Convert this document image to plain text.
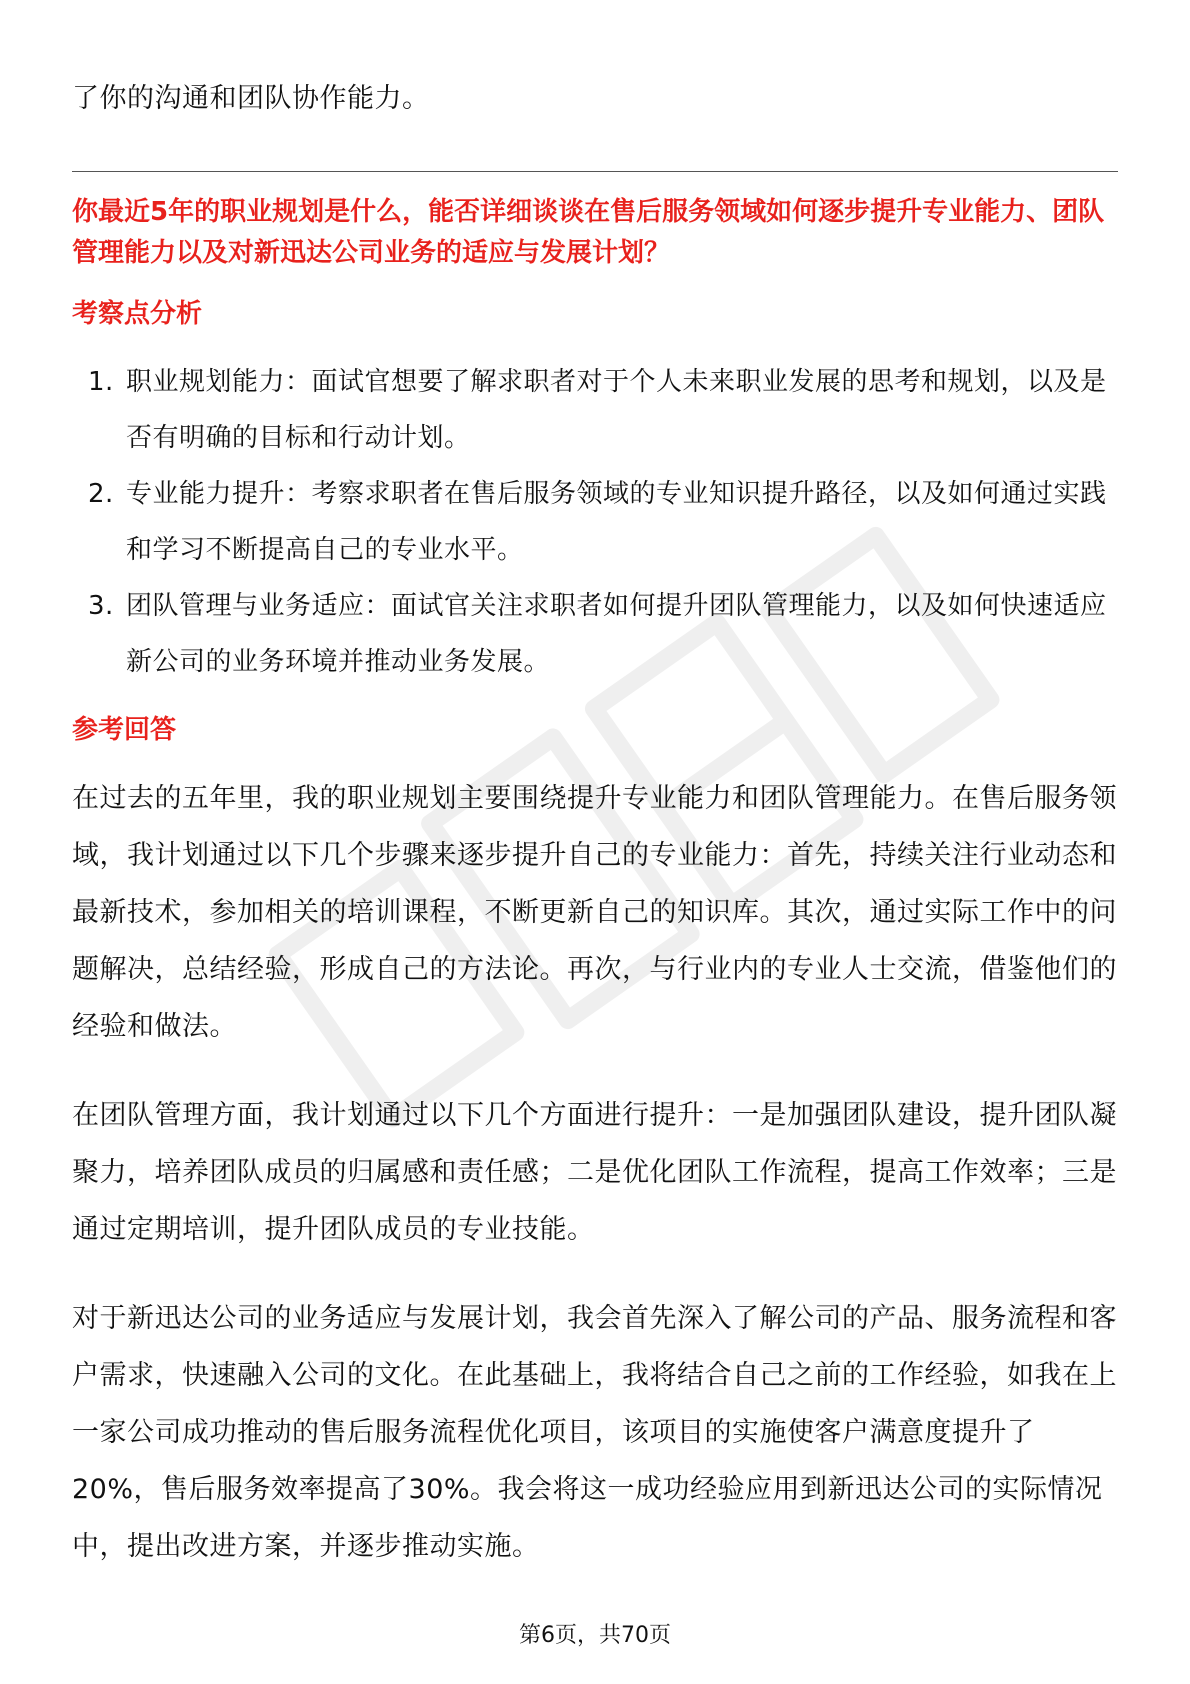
了你的沟通和团队协作能力。

你最近5年的职业规划是什么，能否详细谈谈在售后服务领域如何逐步提升专业能力、团队管理能力以及对新迅达公司业务的适应与发展计划？

考察点分析
1. 职业规划能力：面试官想要了解求职者对于个人未来职业发展的思考和规划，以及是否有明确的目标和行动计划。
2. 专业能力提升：考察求职者在售后服务领域的专业知识提升路径，以及如何通过实践和学习不断提高自己的专业水平。
3. 团队管理与业务适应：面试官关注求职者如何提升团队管理能力，以及如何快速适应新公司的业务环境并推动业务发展。
参考回答

在过去的五年里，我的职业规划主要围绕提升专业能力和团队管理能力。在售后服务领域，我计划通过以下几个步骤来逐步提升自己的专业能力：首先，持续关注行业动态和最新技术，参加相关的培训课程，不断更新自己的知识库。其次，通过实际工作中的问题解决，总结经验，形成自己的方法论。再次，与行业内的专业人士交流，借鉴他们的经验和做法。

在团队管理方面，我计划通过以下几个方面进行提升：一是加强团队建设，提升团队凝聚力，培养团队成员的归属感和责任感；二是优化团队工作流程，提高工作效率；三是通过定期培训，提升团队成员的专业技能。

对于新迅达公司的业务适应与发展计划，我会首先深入了解公司的产品、服务流程和客户需求，快速融入公司的文化。在此基础上，我将结合自己之前的工作经验，如我在上一家公司成功推动的售后服务流程优化项目，该项目的实施使客户满意度提升了20%，售后服务效率提高了30%。我会将这一成功经验应用到新迅达公司的实际情况中，提出改进方案，并逐步推动实施。

第6页，共70页
